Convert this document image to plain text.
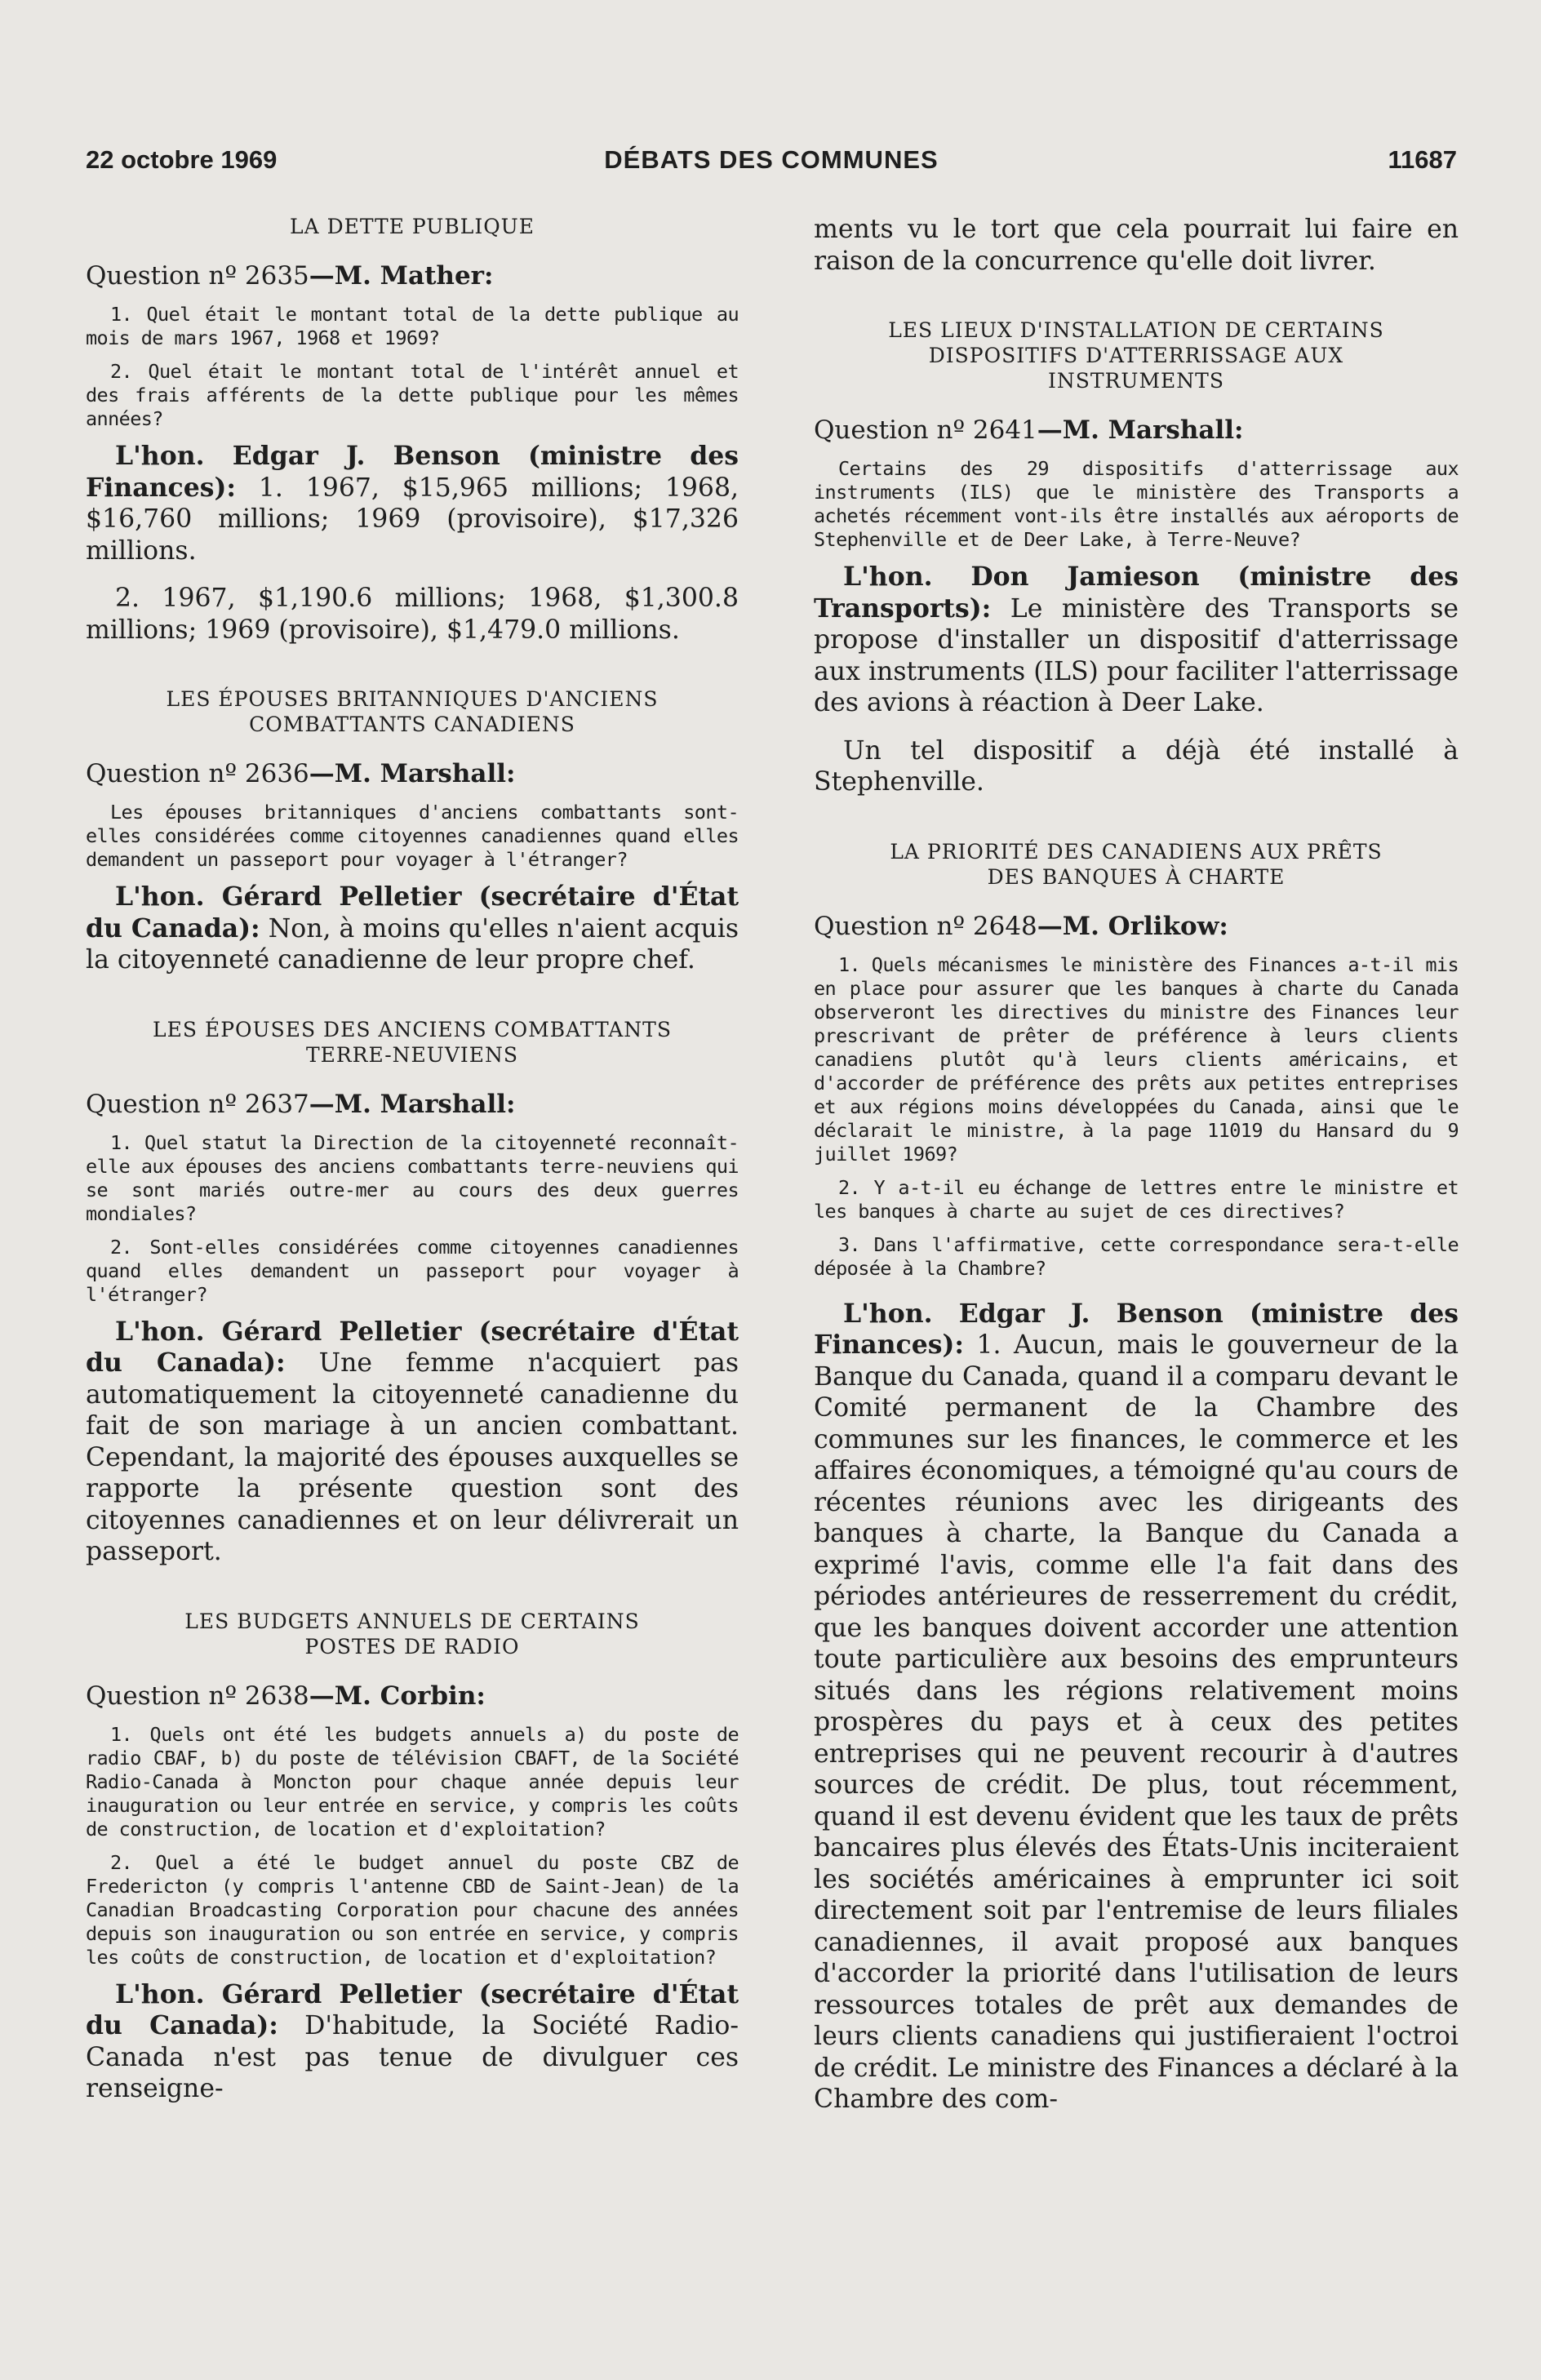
22 octobre 1969	DÉBATS DES COMMUNES	11687
LA DETTE PUBLIQUE
Question nº 2635—M. Mather:

1. Quel était le montant total de la dette publique au mois de mars 1967, 1968 et 1969?

2. Quel était le montant total de l'intérêt annuel et des frais afférents de la dette publique pour les mêmes années?

L'hon. Edgar J. Benson (ministre des Finances): 1. 1967, $15,965 millions; 1968, $16,760 millions; 1969 (provisoire), $17,326 millions.

2. 1967, $1,190.6 millions; 1968, $1,300.8 millions; 1969 (provisoire), $1,479.0 millions.

LES ÉPOUSES BRITANNIQUES D'ANCIENS
COMBATTANTS CANADIENS
Question nº 2636—M. Marshall:

Les épouses britanniques d'anciens combattants sont-elles considérées comme citoyennes canadiennes quand elles demandent un passeport pour voyager à l'étranger?

L'hon. Gérard Pelletier (secrétaire d'État du Canada): Non, à moins qu'elles n'aient acquis la citoyenneté canadienne de leur propre chef.

LES ÉPOUSES DES ANCIENS COMBATTANTS
TERRE-NEUVIENS
Question nº 2637—M. Marshall:

1. Quel statut la Direction de la citoyenneté reconnaît-elle aux épouses des anciens combattants terre-neuviens qui se sont mariés outre-mer au cours des deux guerres mondiales?

2. Sont-elles considérées comme citoyennes canadiennes quand elles demandent un passeport pour voyager à l'étranger?

L'hon. Gérard Pelletier (secrétaire d'État du Canada): Une femme n'acquiert pas automatiquement la citoyenneté canadienne du fait de son mariage à un ancien combattant. Cependant, la majorité des épouses auxquelles se rapporte la présente question sont des citoyennes canadiennes et on leur délivrerait un passeport.

LES BUDGETS ANNUELS DE CERTAINS
POSTES DE RADIO
Question nº 2638—M. Corbin:

1. Quels ont été les budgets annuels a) du poste de radio CBAF, b) du poste de télévision CBAFT, de la Société Radio-Canada à Moncton pour chaque année depuis leur inauguration ou leur entrée en service, y compris les coûts de construction, de location et d'exploitation?

2. Quel a été le budget annuel du poste CBZ de Fredericton (y compris l'antenne CBD de Saint-Jean) de la Canadian Broadcasting Corporation pour chacune des années depuis son inauguration ou son entrée en service, y compris les coûts de construction, de location et d'exploitation?

L'hon. Gérard Pelletier (secrétaire d'État du Canada): D'habitude, la Société Radio-Canada n'est pas tenue de divulguer ces renseigne-

ments vu le tort que cela pourrait lui faire en raison de la concurrence qu'elle doit livrer.

LES LIEUX D'INSTALLATION DE CERTAINS
DISPOSITIFS D'ATTERRISSAGE AUX
INSTRUMENTS
Question nº 2641—M. Marshall:

Certains des 29 dispositifs d'atterrissage aux instruments (ILS) que le ministère des Transports a achetés récemment vont-ils être installés aux aéroports de Stephenville et de Deer Lake, à Terre-Neuve?

L'hon. Don Jamieson (ministre des Transports): Le ministère des Transports se propose d'installer un dispositif d'atterrissage aux instruments (ILS) pour faciliter l'atterrissage des avions à réaction à Deer Lake.

Un tel dispositif a déjà été installé à Stephenville.

LA PRIORITÉ DES CANADIENS AUX PRÊTS
DES BANQUES À CHARTE
Question nº 2648—M. Orlikow:

1. Quels mécanismes le ministère des Finances a-t-il mis en place pour assurer que les banques à charte du Canada observeront les directives du ministre des Finances leur prescrivant de prêter de préférence à leurs clients canadiens plutôt qu'à leurs clients américains, et d'accorder de préférence des prêts aux petites entreprises et aux régions moins développées du Canada, ainsi que le déclarait le ministre, à la page 11019 du Hansard du 9 juillet 1969?

2. Y a-t-il eu échange de lettres entre le ministre et les banques à charte au sujet de ces directives?

3. Dans l'affirmative, cette correspondance sera-t-elle déposée à la Chambre?

L'hon. Edgar J. Benson (ministre des Finances): 1. Aucun, mais le gouverneur de la Banque du Canada, quand il a comparu devant le Comité permanent de la Chambre des communes sur les finances, le commerce et les affaires économiques, a témoigné qu'au cours de récentes réunions avec les dirigeants des banques à charte, la Banque du Canada a exprimé l'avis, comme elle l'a fait dans des périodes antérieures de resserrement du crédit, que les banques doivent accorder une attention toute particulière aux besoins des emprunteurs situés dans les régions relativement moins prospères du pays et à ceux des petites entreprises qui ne peuvent recourir à d'autres sources de crédit. De plus, tout récemment, quand il est devenu évident que les taux de prêts bancaires plus élevés des États-Unis inciteraient les sociétés américaines à emprunter ici soit directement soit par l'entremise de leurs filiales canadiennes, il avait proposé aux banques d'accorder la priorité dans l'utilisation de leurs ressources totales de prêt aux demandes de leurs clients canadiens qui justifieraient l'octroi de crédit. Le ministre des Finances a déclaré à la Chambre des com-
